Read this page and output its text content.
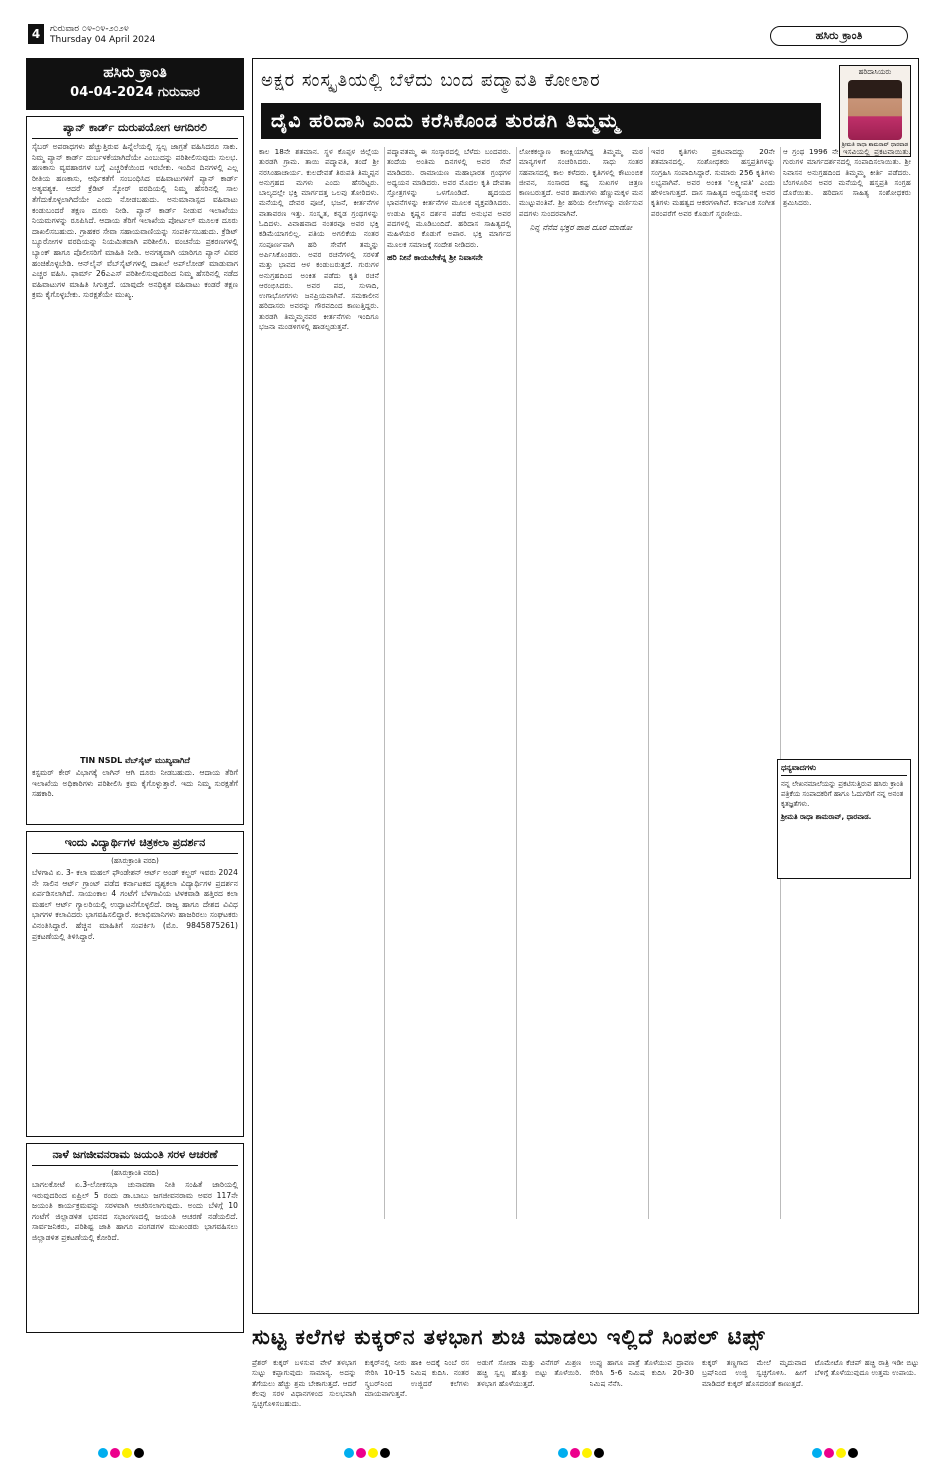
4	ಗುರುವಾರ ೦೪-೦೪-೨೦೨೪
Thursday 04 April 2024	ಹಸಿರು ಕ್ರಾಂತಿ
ಹಸಿರು ಕ್ರಾಂತಿ
04-04-2024 ಗುರುವಾರ
ಪ್ಯಾನ್ ಕಾರ್ಡ್ ದುರುಪಯೋಗ ಆಗದಿರಲಿ

ಸೈಬರ್ ಅಪರಾಧಗಳು ಹೆಚ್ಚುತ್ತಿರುವ ಹಿನ್ನೆಲೆಯಲ್ಲಿ ಸ್ವಲ್ಪ ಜಾಗ್ರತೆ ವಹಿಸಿದರೂ ಸಾಕು. ನಿಮ್ಮ ಪ್ಯಾನ್ ಕಾರ್ಡ್ ದುರ್ಬಳಕೆಯಾಗಿದೆಯೇ ಎಂಬುದನ್ನು ಪರಿಶೀಲಿಸುವುದು ಸುಲಭ. ಹಣಕಾಸು ವ್ಯವಹಾರಗಳ ಬಗ್ಗೆ ಎಚ್ಚರಿಕೆಯಿಂದ ಇರಬೇಕು. ಇಂದಿನ ದಿನಗಳಲ್ಲಿ ಎಲ್ಲ ರೀತಿಯ ಹಣಕಾಸು, ಆರ್ಥಿಕತೆಗೆ ಸಂಬಂಧಿಸಿದ ವಹಿವಾಟುಗಳಿಗೆ ಪ್ಯಾನ್ ಕಾರ್ಡ್ ಅತ್ಯವಶ್ಯಕ. ಆದರೆ ಕ್ರೆಡಿಟ್ ಸ್ಕೋರ್ ವರದಿಯಲ್ಲಿ ನಿಮ್ಮ ಹೆಸರಿನಲ್ಲಿ ಸಾಲ ತೆಗೆದುಕೊಳ್ಳಲಾಗಿದೆಯೇ ಎಂದು ನೋಡಬಹುದು. ಅನುಮಾನಾಸ್ಪದ ವಹಿವಾಟು ಕಂಡುಬಂದರೆ ತಕ್ಷಣ ದೂರು ನೀಡಿ. ಪ್ಯಾನ್ ಕಾರ್ಡ್ ನೀಡುವ ಇಲಾಖೆಯು ನಿಯಮಗಳನ್ನು ರೂಪಿಸಿದೆ. ಆದಾಯ ತೆರಿಗೆ ಇಲಾಖೆಯ ಪೋರ್ಟಲ್ ಮೂಲಕ ದೂರು ದಾಖಲಿಸಬಹುದು. ಗ್ರಾಹಕರ ಸೇವಾ ಸಹಾಯವಾಣಿಯನ್ನು ಸಂಪರ್ಕಿಸಬಹುದು. ಕ್ರೆಡಿಟ್ ಬ್ಯೂರೋಗಳ ವರದಿಯನ್ನು ನಿಯಮಿತವಾಗಿ ಪರಿಶೀಲಿಸಿ. ವಂಚನೆಯ ಪ್ರಕರಣಗಳಲ್ಲಿ ಬ್ಯಾಂಕ್ ಹಾಗೂ ಪೊಲೀಸರಿಗೆ ಮಾಹಿತಿ ನೀಡಿ. ಅನಗತ್ಯವಾಗಿ ಯಾರಿಗೂ ಪ್ಯಾನ್ ವಿವರ ಹಂಚಿಕೊಳ್ಳಬೇಡಿ. ಆನ್‌ಲೈನ್ ವೆಬ್‌ಸೈಟ್‌ಗಳಲ್ಲಿ ದಾಖಲೆ ಅಪ್‌ಲೋಡ್ ಮಾಡುವಾಗ ಎಚ್ಚರ ವಹಿಸಿ. ಫಾರ್ಮ್ 26ಎಎಸ್ ಪರಿಶೀಲಿಸುವುದರಿಂದ ನಿಮ್ಮ ಹೆಸರಿನಲ್ಲಿ ನಡೆದ ವಹಿವಾಟುಗಳ ಮಾಹಿತಿ ಸಿಗುತ್ತದೆ. ಯಾವುದೇ ಅನಧಿಕೃತ ವಹಿವಾಟು ಕಂಡರೆ ತಕ್ಷಣ ಕ್ರಮ ಕೈಗೊಳ್ಳಬೇಕು. ಸುರಕ್ಷತೆಯೇ ಮುಖ್ಯ.

TIN NSDL ವೆಬ್‌ಸೈಟ್ ಮುಖ್ಯವಾಗಿದೆ

ಕಸ್ಟಮರ್ ಕೇರ್ ವಿಭಾಗಕ್ಕೆ ಲಾಗಿನ್ ಆಗಿ ದೂರು ನೀಡಬಹುದು. ಆದಾಯ ತೆರಿಗೆ ಇಲಾಖೆಯ ಅಧಿಕಾರಿಗಳು ಪರಿಶೀಲಿಸಿ ಕ್ರಮ ಕೈಗೊಳ್ಳುತ್ತಾರೆ. ಇದು ನಿಮ್ಮ ಸುರಕ್ಷತೆಗೆ ಸಹಕಾರಿ.

ಇಂದು ವಿದ್ಯಾರ್ಥಿಗಳ ಚಿತ್ರಕಲಾ ಪ್ರದರ್ಶನ

(ಹಸಿರುಕ್ರಾಂತಿ ವರದಿ)

ಬೆಳಗಾವಿ ಏ. 3- ಕಲಾ ಮಹಲ್ ಫೌಂಡೇಶನ್ ಆರ್ಟ್ ಅಂಡ್ ಕಲ್ಚರ್ ಇವರು 2024 ನೇ ಸಾಲಿನ ಆರ್ಟ್ ಗ್ರಾಂಟ್ ಪಡೆದ ಕರ್ನಾಟಕದ ದೃಶ್ಯಕಲಾ ವಿದ್ಯಾರ್ಥಿಗಳ ಪ್ರದರ್ಶನ ಏರ್ಪಡಿಸಲಾಗಿದೆ. ಸಾಯಂಕಾಲ 4 ಗಂಟೆಗೆ ಬೆಳಗಾವಿಯ ಟಿಳಕವಾಡಿ ಹತ್ತಿರದ ಕಲಾ ಮಹಲ್ ಆರ್ಟ್ ಗ್ಯಾಲರಿಯಲ್ಲಿ ಉದ್ಘಾಟನೆಗೊಳ್ಳಲಿದೆ. ರಾಜ್ಯ ಹಾಗೂ ದೇಶದ ವಿವಿಧ ಭಾಗಗಳ ಕಲಾವಿದರು ಭಾಗವಹಿಸಲಿದ್ದಾರೆ. ಕಲಾಭಿಮಾನಿಗಳು ಹಾಜರಿರಲು ಸಂಘಟಕರು ವಿನಂತಿಸಿದ್ದಾರೆ. ಹೆಚ್ಚಿನ ಮಾಹಿತಿಗೆ ಸಂಪರ್ಕಿಸಿ (ಮೊ. 9845875261) ಪ್ರಕಟಣೆಯಲ್ಲಿ ತಿಳಿಸಿದ್ದಾರೆ.

ನಾಳೆ ಜಗಜೀವನರಾಮ ಜಯಂತಿ ಸರಳ ಆಚರಣೆ

(ಹಸಿರುಕ್ರಾಂತಿ ವರದಿ)

ಬಾಗಲಕೋಟೆ ಏ.3-ಲೋಕಸಭಾ ಚುನಾವಣಾ ನೀತಿ ಸಂಹಿತೆ ಜಾರಿಯಲ್ಲಿ ಇರುವುದರಿಂದ ಏಪ್ರಿಲ್ 5 ರಂದು ಡಾ.ಬಾಬು ಜಗಜೀವನರಾಮ ಅವರ 117ನೇ ಜಯಂತಿ ಕಾರ್ಯಕ್ರಮವನ್ನು ಸರಳವಾಗಿ ಆಚರಿಸಲಾಗುವುದು. ಅಂದು ಬೆಳಿಗ್ಗೆ 10 ಗಂಟೆಗೆ ಜಿಲ್ಲಾಡಳಿತ ಭವನದ ಸಭಾಂಗಣದಲ್ಲಿ ಜಯಂತಿ ಆಚರಣೆ ನಡೆಯಲಿದೆ. ಸಾರ್ವಜನಿಕರು, ಪರಿಶಿಷ್ಟ ಜಾತಿ ಹಾಗೂ ಪಂಗಡಗಳ ಮುಖಂಡರು ಭಾಗವಹಿಸಲು ಜಿಲ್ಲಾಡಳಿತ ಪ್ರಕಟಣೆಯಲ್ಲಿ ಕೋರಿದೆ.

ಅಕ್ಷರ ಸಂಸ್ಕೃತಿಯಲ್ಲಿ ಬೆಳೆದು ಬಂದ ಪದ್ಮಾವತಿ ಕೋಲಾರ
ದೈವಿ ಹರಿದಾಸಿ ಎಂದು ಕರೆಸಿಕೊಂಡ ತುರಡಗಿ ತಿಮ್ಮಮ್ಮ
ಹರಿದಾಸಿಯರು
ಶ್ರೀಮತಿ ರಾಧಾ ಶಾಮರಾವ್ ಧಾರವಾಡ

ಕಾಲ 18ನೇ ಶತಮಾನ. ಸ್ಥಳ ಕೊಪ್ಪಳ ಜಿಲ್ಲೆಯ ತುರಡಗಿ ಗ್ರಾಮ. ತಾಯಿ ಪದ್ಮಾವತಿ, ತಂದೆ ಶ್ರೀ ನರಸಿಂಹಾಚಾರ್ಯ. ಕುಲದೇವತೆ ತಿರುಪತಿ ತಿಮ್ಮಪ್ಪನ ಅನುಗ್ರಹದ ಮಗಳು ಎಂದು ಹೆಸರಿಟ್ಟರು. ಬಾಲ್ಯದಲ್ಲೇ ಭಕ್ತಿ ಮಾರ್ಗದತ್ತ ಒಲವು ತೋರಿದಳು. ಮನೆಯಲ್ಲಿ ದೇವರ ಪೂಜೆ, ಭಜನೆ, ಕೀರ್ತನೆಗಳ ವಾತಾವರಣ ಇತ್ತು. ಸಂಸ್ಕೃತ, ಕನ್ನಡ ಗ್ರಂಥಗಳನ್ನು ಓದಿದಳು. ವಿವಾಹವಾದ ನಂತರವೂ ಅವರ ಭಕ್ತಿ ಕಡಿಮೆಯಾಗಲಿಲ್ಲ. ಪತಿಯ ಅಗಲಿಕೆಯ ನಂತರ ಸಂಪೂರ್ಣವಾಗಿ ಹರಿ ಸೇವೆಗೆ ತಮ್ಮನ್ನು ಅರ್ಪಿಸಿಕೊಂಡರು. ಅವರ ರಚನೆಗಳಲ್ಲಿ ಸರಳತೆ ಮತ್ತು ಭಾವದ ಆಳ ಕಂಡುಬರುತ್ತದೆ. ಗುರುಗಳ ಅನುಗ್ರಹದಿಂದ ಅಂಕಿತ ಪಡೆದು ಕೃತಿ ರಚನೆ ಆರಂಭಿಸಿದರು. ಅವರ ಪದ, ಸುಳಾದಿ, ಉಗಾಭೋಗಗಳು ಜನಪ್ರಿಯವಾಗಿವೆ. ಸಮಕಾಲೀನ ಹರಿದಾಸರು ಅವರನ್ನು ಗೌರವದಿಂದ ಕಾಣುತ್ತಿದ್ದರು. ತುರಡಗಿ ತಿಮ್ಮಮ್ಮನವರ ಕೀರ್ತನೆಗಳು ಇಂದಿಗೂ ಭಜನಾ ಮಂಡಳಿಗಳಲ್ಲಿ ಹಾಡಲ್ಪಡುತ್ತವೆ.

ಪದ್ಮಾವತಮ್ಮ ಈ ಸಂಸ್ಕಾರದಲ್ಲಿ ಬೆಳೆದು ಬಂದವರು. ತಂದೆಯ ಅಂತಿಮ ದಿನಗಳಲ್ಲಿ ಅವರ ಸೇವೆ ಮಾಡಿದರು. ರಾಮಾಯಣ ಮಹಾಭಾರತ ಗ್ರಂಥಗಳ ಅಧ್ಯಯನ ಮಾಡಿದರು. ಅವರ ಮೊದಲ ಕೃತಿ ದೇವತಾ ಸ್ತೋತ್ರಗಳನ್ನು ಒಳಗೊಂಡಿದೆ. ಹೃದಯದ ಭಾವನೆಗಳನ್ನು ಕೀರ್ತನೆಗಳ ಮೂಲಕ ವ್ಯಕ್ತಪಡಿಸಿದರು. ಉಡುಪಿ ಕೃಷ್ಣನ ದರ್ಶನ ಪಡೆದ ಅನುಭವ ಅವರ ಪದಗಳಲ್ಲಿ ಮೂಡಿಬಂದಿದೆ. ಹರಿದಾಸ ಸಾಹಿತ್ಯದಲ್ಲಿ ಮಹಿಳೆಯರ ಕೊಡುಗೆ ಅಪಾರ. ಭಕ್ತಿ ಮಾರ್ಗದ ಮೂಲಕ ಸಮಾಜಕ್ಕೆ ಸಂದೇಶ ನೀಡಿದರು.

ಹರಿ ನೀನೆ ಕಾಯಬೇಕೆನ್ನ ಶ್ರೀ ನಿವಾಸನೇ

ಲೋಕಕಲ್ಯಾಣ ಕಾಂಕ್ಷಿಯಾಗಿದ್ದ ತಿಮ್ಮಮ್ಮ ಮಠ ಮಾನ್ಯಗಳಿಗೆ ಸಂಚರಿಸಿದರು. ಸಾಧು ಸಂತರ ಸಹವಾಸದಲ್ಲಿ ಕಾಲ ಕಳೆದರು. ಕೃತಿಗಳಲ್ಲಿ ಕೌಟುಂಬಿಕ ಜೀವನ, ಸಂಸಾರದ ಕಷ್ಟ ಸುಖಗಳ ಚಿತ್ರಣ ಕಾಣಬರುತ್ತದೆ. ಅವರ ಹಾಡುಗಳು ಹೆಣ್ಣುಮಕ್ಕಳ ಮನ ಮುಟ್ಟುವಂತಿವೆ. ಶ್ರೀ ಹರಿಯ ಲೀಲೆಗಳನ್ನು ವರ್ಣಿಸುವ ಪದಗಳು ಸುಂದರವಾಗಿವೆ.

ನಿನ್ನ ನೆನೆವ ಭಕ್ತರ ಪಾಪ ದೂರ ಮಾಡೋ

ಇವರ ಕೃತಿಗಳು ಪ್ರಕಟವಾದದ್ದು 20ನೇ ಶತಮಾನದಲ್ಲಿ. ಸಂಶೋಧಕರು ಹಸ್ತಪ್ರತಿಗಳನ್ನು ಸಂಗ್ರಹಿಸಿ ಸಂಪಾದಿಸಿದ್ದಾರೆ. ಸುಮಾರು 256 ಕೃತಿಗಳು ಲಭ್ಯವಾಗಿವೆ. ಅವರ ಅಂಕಿತ 'ಲಕ್ಷ್ಮೀಪತಿ' ಎಂದು ಹೇಳಲಾಗುತ್ತದೆ. ದಾಸ ಸಾಹಿತ್ಯದ ಅಧ್ಯಯನಕ್ಕೆ ಅವರ ಕೃತಿಗಳು ಮಹತ್ವದ ಆಕರಗಳಾಗಿವೆ. ಕರ್ನಾಟಕ ಸಂಗೀತ ಪರಂಪರೆಗೆ ಅವರ ಕೊಡುಗೆ ಸ್ಮರಣೀಯ.

ಆ ಗ್ರಂಥ 1996 ನೇ ಇಸವಿಯಲ್ಲಿ ಪ್ರಕಟವಾಯಿತು. ಗುರುಗಳ ಮಾರ್ಗದರ್ಶನದಲ್ಲಿ ಸಂಪಾದಿಸಲಾಯಿತು. ಶ್ರೀ ನಿವಾಸನ ಅನುಗ್ರಹದಿಂದ ತಿಮ್ಮಮ್ಮ ಕೀರ್ತಿ ಪಡೆದರು. ಬೆಂಗಳೂರಿನ ಅವರ ಮನೆಯಲ್ಲಿ ಹಸ್ತಪ್ರತಿ ಸಂಗ್ರಹ ದೊರೆಯಿತು. ಹರಿದಾಸ ಸಾಹಿತ್ಯ ಸಂಶೋಧಕರು ಶ್ರಮಿಸಿದರು.

ಧನ್ಯವಾದಗಳು
ನನ್ನ ಲೇಖನಮಾಲೆಯನ್ನು ಪ್ರಕಟಿಸುತ್ತಿರುವ ಹಸಿರು ಕ್ರಾಂತಿ ಪತ್ರಿಕೆಯ ಸಂಪಾದಕರಿಗೆ ಹಾಗೂ ಓದುಗರಿಗೆ ನನ್ನ ಅನಂತ ಕೃತಜ್ಞತೆಗಳು.
ಶ್ರೀಮತಿ ರಾಧಾ ಶಾಮರಾವ್, ಧಾರವಾಡ.
ಸುಟ್ಟ ಕಲೆಗಳ ಕುಕ್ಕರ್‌ನ ತಳಭಾಗ ಶುಚಿ ಮಾಡಲು ಇಲ್ಲಿದೆ ಸಿಂಪಲ್ ಟಿಪ್ಸ್

ಪ್ರೆಶರ್ ಕುಕ್ಕರ್ ಬಳಸುವ ವೇಳೆ ತಳಭಾಗ ಸುಟ್ಟು ಕಪ್ಪಾಗುವುದು ಸಾಮಾನ್ಯ. ಅದನ್ನು ತೆಗೆಯಲು ಹೆಚ್ಚು ಶ್ರಮ ಬೇಕಾಗುತ್ತದೆ. ಆದರೆ ಕೆಲವು ಸರಳ ವಿಧಾನಗಳಿಂದ ಸುಲಭವಾಗಿ ಸ್ವಚ್ಛಗೊಳಿಸಬಹುದು.

ಕುಕ್ಕರ್‌ನಲ್ಲಿ ನೀರು ಹಾಕಿ ಅದಕ್ಕೆ ನಿಂಬೆ ರಸ ಸೇರಿಸಿ 10-15 ನಿಮಿಷ ಕುದಿಸಿ. ನಂತರ ಸ್ಕ್ರಬರ್‌ನಿಂದ ಉಜ್ಜಿದರೆ ಕಲೆಗಳು ಮಾಯವಾಗುತ್ತವೆ.

ಅಡುಗೆ ಸೋಡಾ ಮತ್ತು ವಿನೆಗರ್ ಮಿಶ್ರಣ ಹಚ್ಚಿ ಸ್ವಲ್ಪ ಹೊತ್ತು ಬಿಟ್ಟು ತೊಳೆಯಿರಿ. ತಳಭಾಗ ಹೊಳೆಯುತ್ತದೆ.

ಉಪ್ಪು ಹಾಗೂ ಪಾತ್ರೆ ತೊಳೆಯುವ ದ್ರಾವಣ ಸೇರಿಸಿ 5-6 ನಿಮಿಷ ಕುದಿಸಿ 20-30 ನಿಮಿಷ ನೆನೆಸಿ.

ಕುಕ್ಕರ್ ತಣ್ಣಗಾದ ಮೇಲೆ ಮೃದುವಾದ ಬ್ರಷ್‌ನಿಂದ ಉಜ್ಜಿ ಸ್ವಚ್ಛಗೊಳಿಸಿ. ಹೀಗೆ ಮಾಡಿದರೆ ಕುಕ್ಕರ್ ಹೊಸದರಂತೆ ಕಾಣುತ್ತದೆ.

ಟೊಮೇಟೊ ಕೆಚಪ್ ಹಚ್ಚಿ ರಾತ್ರಿ ಇಡೀ ಬಿಟ್ಟು ಬೆಳಿಗ್ಗೆ ತೊಳೆಯುವುದೂ ಉತ್ತಮ ಉಪಾಯ.
